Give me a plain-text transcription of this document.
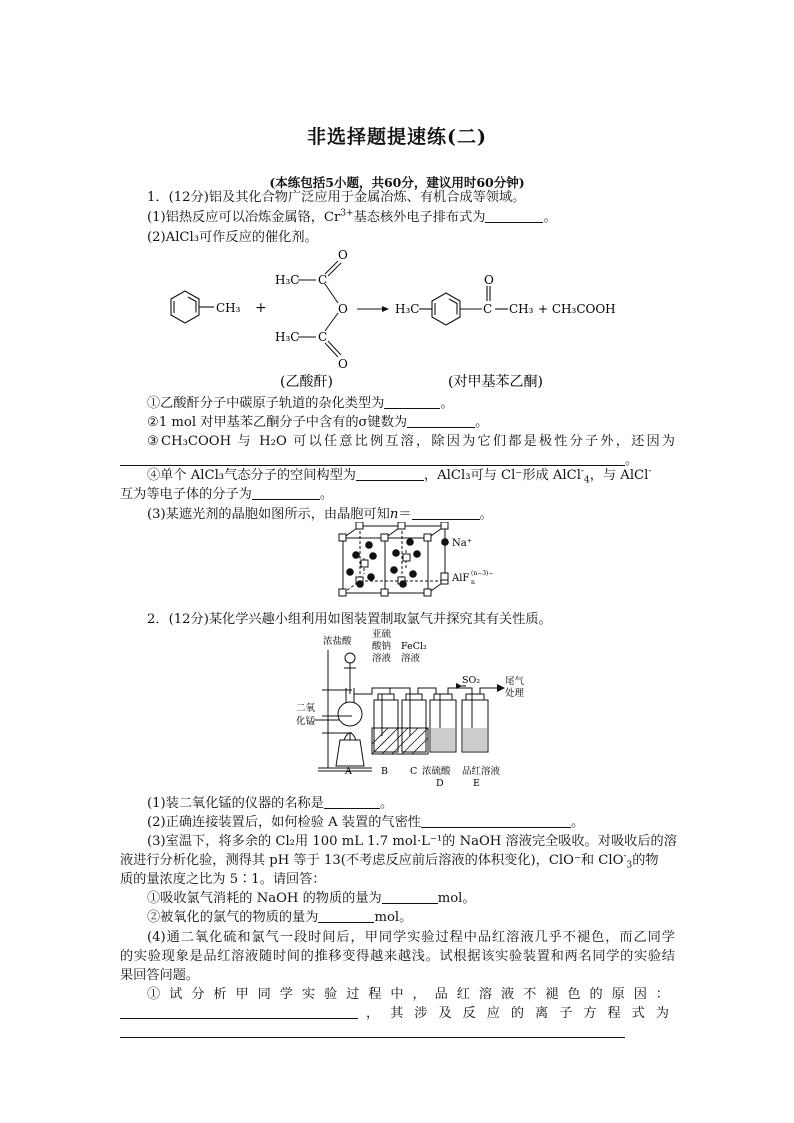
非选择题提速练(二)
(本练包括5小题，共60分，建议用时60分钟)
1．(12分)铝及其化合物广泛应用于金属冶炼、有机合成等领域。
(1)铝热反应可以冶炼金属铬，$Cr^{3+}$基态核外电子排布式为	。
(2)AlCl₃可作反应的催化剂。
CH₃ +
H₃C C
O
O
H₃C C
O
H₃C
O
C CH₃ + CH₃COOH
(乙酸酐)	(对甲基苯乙酮)
①乙酸酐分子中碳原子轨道的杂化类型为	。
②1 mol 对甲基苯乙酮分子中含有的σ键数为	。
③CH₃COOH 与 H₂O 可以任意比例互溶，除因为它们都是极性分子外，还因为
。
④单个 AlCl₃气态分子的空间构型为	，AlCl₃可与 Cl⁻形成 AlCl-$_4$，与 AlCl-
互为等电子体的分子为	。
(3)某遮光剂的晶胞如图所示，由晶胞可知n＝	。
Na⁺
AlF (n−3)−
n
2．(12分)某化学兴趣小组利用如图装置制取氯气并探究其有关性质。
浓盐酸
亚硫
酸钠
溶液
FeCl₂
溶液
SO₂	尾气
处理
二氧
化锰
A	B C 浓硫酸 品红溶液
D	E
(1)装二氧化锰的仪器的名称是	。
(2)正确连接装置后，如何检验 A 装置的气密性	。
(3)室温下，将多余的 Cl₂用 100 mL 1.7 mol·L⁻¹的 NaOH 溶液完全吸收。对吸收后的溶
液进行分析化验，测得其 pH 等于 13(不考虑反应前后溶液的体积变化)，ClO⁻和 ClO-$_3$的物
质的量浓度之比为 5∶1。请回答：
①吸收氯气消耗的 NaOH 的物质的量为	mol。
②被氧化的氯气的物质的量为	mol。
(4)通二氧化硫和氯气一段时间后，甲同学实验过程中品红溶液几乎不褪色，而乙同学
的实验现象是品红溶液随时间的推移变得越来越浅。试根据该实验装置和两名同学的实验结
果回答问题。
①试分析甲同学实验过程中，品红溶液不褪色的原因：
，其涉及反应的离子方程式为
